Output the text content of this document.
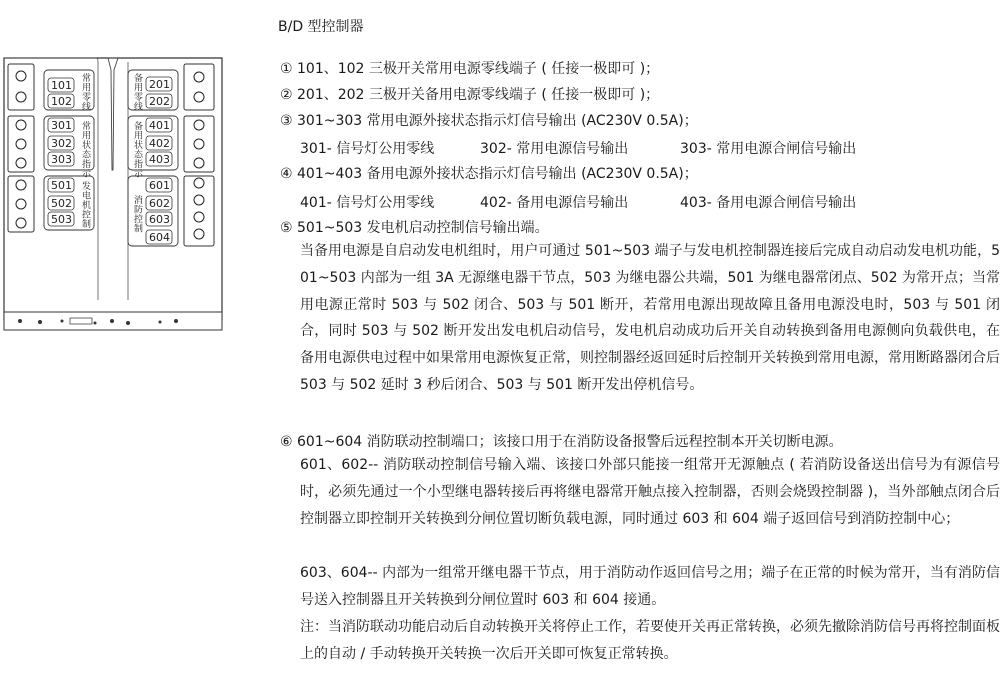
101
102
201
202
301
302
303
401
402
403
501
502
503
601
602
603
604
常用零线
备用零线
常用状态指示
备用状态指示
发电机控制
消防控制
B/D 型控制器
① 101、102 三极开关常用电源零线端子 ( 任接一极即可 )；
② 201、202 三极开关备用电源零线端子 ( 任接一极即可 )；
③ 301~303 常用电源外接状态指示灯信号输出 (AC230V 0.5A)；
301- 信号灯公用零线	302- 常用电源信号输出	303- 常用电源合闸信号输出
④ 401~403 备用电源外接状态指示灯信号输出 (AC230V 0.5A)；
401- 信号灯公用零线	402- 备用电源信号输出	403- 备用电源合闸信号输出
⑤ 501~503 发电机启动控制信号输出端。
当备用电源是自启动发电机组时，用户可通过 501~503 端子与发电机控制器连接后完成自动启动发电机功能，501~503 内部为一组 3A 无源继电器干节点，503 为继电器公共端，501 为继电器常闭点、502 为常开点；当常用电源正常时 503 与 502 闭合、503 与 501 断开，若常用电源出现故障且备用电源没电时，503 与 501 闭合，同时 503 与 502 断开发出发电机启动信号，发电机启动成功后开关自动转换到备用电源侧向负载供电，在备用电源供电过程中如果常用电源恢复正常，则控制器经返回延时后控制开关转换到常用电源，常用断路器闭合后 503 与 502 延时 3 秒后闭合、503 与 501 断开发出停机信号。
⑥ 601~604 消防联动控制端口；该接口用于在消防设备报警后远程控制本开关切断电源。
601、602-- 消防联动控制信号输入端、该接口外部只能接一组常开无源触点 ( 若消防设备送出信号为有源信号时，必须先通过一个小型继电器转接后再将继电器常开触点接入控制器，否则会烧毁控制器 )，当外部触点闭合后控制器立即控制开关转换到分闸位置切断负载电源，同时通过 603 和 604 端子返回信号到消防控制中心；
603、604-- 内部为一组常开继电器干节点，用于消防动作返回信号之用；端子在正常的时候为常开，当有消防信号送入控制器且开关转换到分闸位置时 603 和 604 接通。
注：当消防联动功能启动后自动转换开关将停止工作，若要使开关再正常转换，必须先撤除消防信号再将控制面板上的自动 / 手动转换开关转换一次后开关即可恢复正常转换。
